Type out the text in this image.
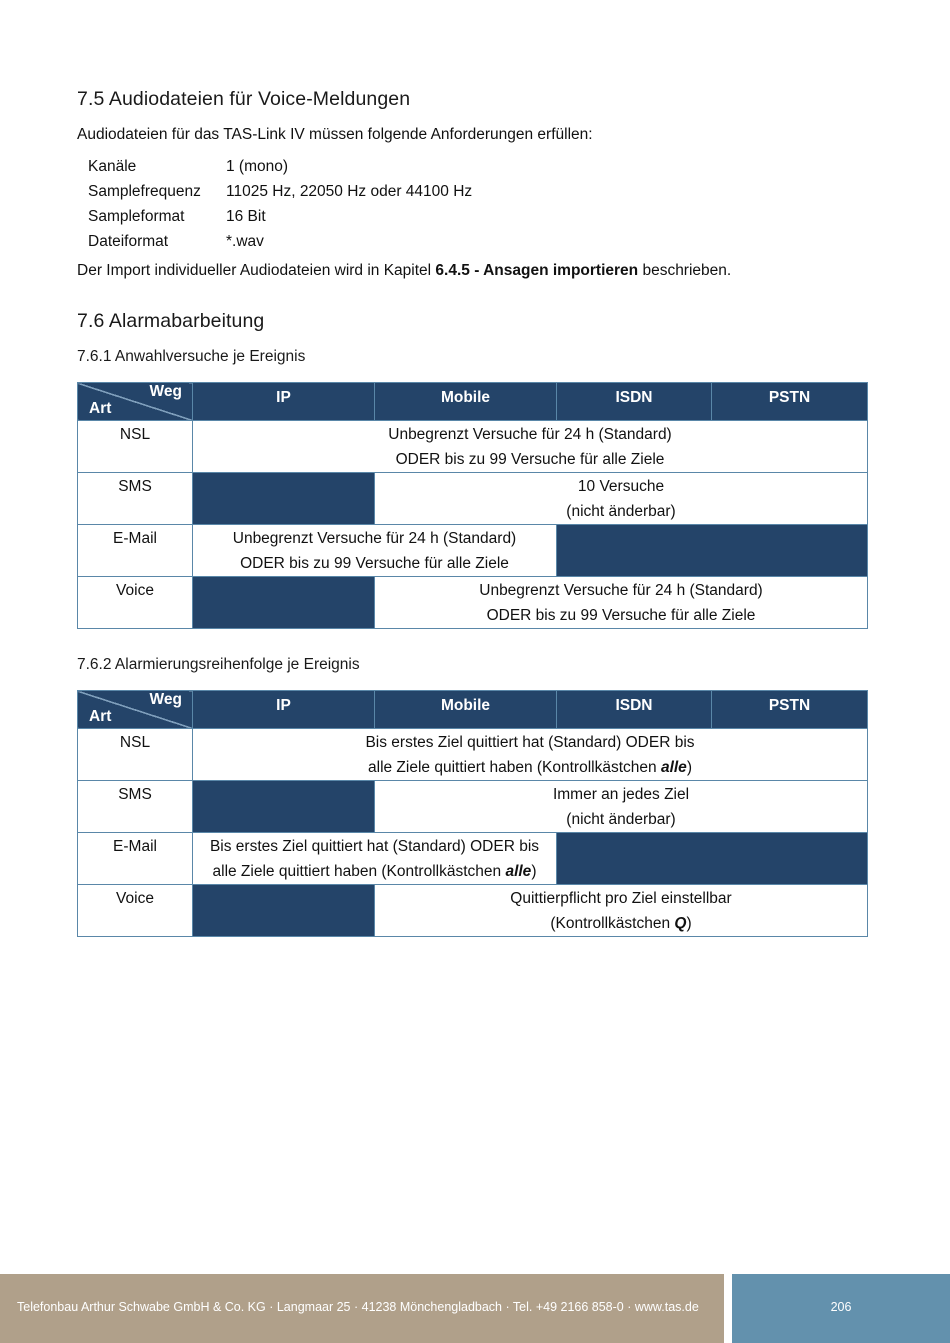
7.5 Audiodateien für Voice-Meldungen

Audiodateien für das TAS-Link IV müssen folgende Anforderungen erfüllen:

Kanäle	1 (mono)
Samplefrequenz 11025 Hz, 22050 Hz oder 44100 Hz
Sampleformat	16 Bit
Dateiformat	*.wav

Der Import individueller Audiodateien wird in Kapitel 6.4.5 - Ansagen importieren beschrieben.

7.6 Alarmabarbeitung
7.6.1 Anwahlversuche je Ereignis
Weg
Art	IP	Mobile	ISDN	PSTN
NSL	Unbegrenzt Versuche für 24 h (Standard)
ODER bis zu 99 Versuche für alle Ziele			

SMS		10 Versuche
(nicht änderbar)		

E-Mail	Unbegrenzt Versuche für 24 h (Standard)
ODER bis zu 99 Versuche für alle Ziele			

Voice		Unbegrenzt Versuche für 24 h (Standard)
ODER bis zu 99 Versuche für alle Ziele		
7.6.2 Alarmierungsreihenfolge je Ereignis
Weg
Art	IP	Mobile	ISDN	PSTN
NSL	Bis erstes Ziel quittiert hat (Standard) ODER bis
alle Ziele quittiert haben (Kontrollkästchen alle)			

SMS		Immer an jedes Ziel
(nicht änderbar)		

E-Mail	Bis erstes Ziel quittiert hat (Standard) ODER bis
alle Ziele quittiert haben (Kontrollkästchen alle)			

Voice		Quittierpflicht pro Ziel einstellbar
(Kontrollkästchen Q)		
Telefonbau Arthur Schwabe GmbH & Co. KG · Langmaar 25 · 41238 Mönchengladbach · Tel. +49 2166 858-0 · www.tas.de	206
